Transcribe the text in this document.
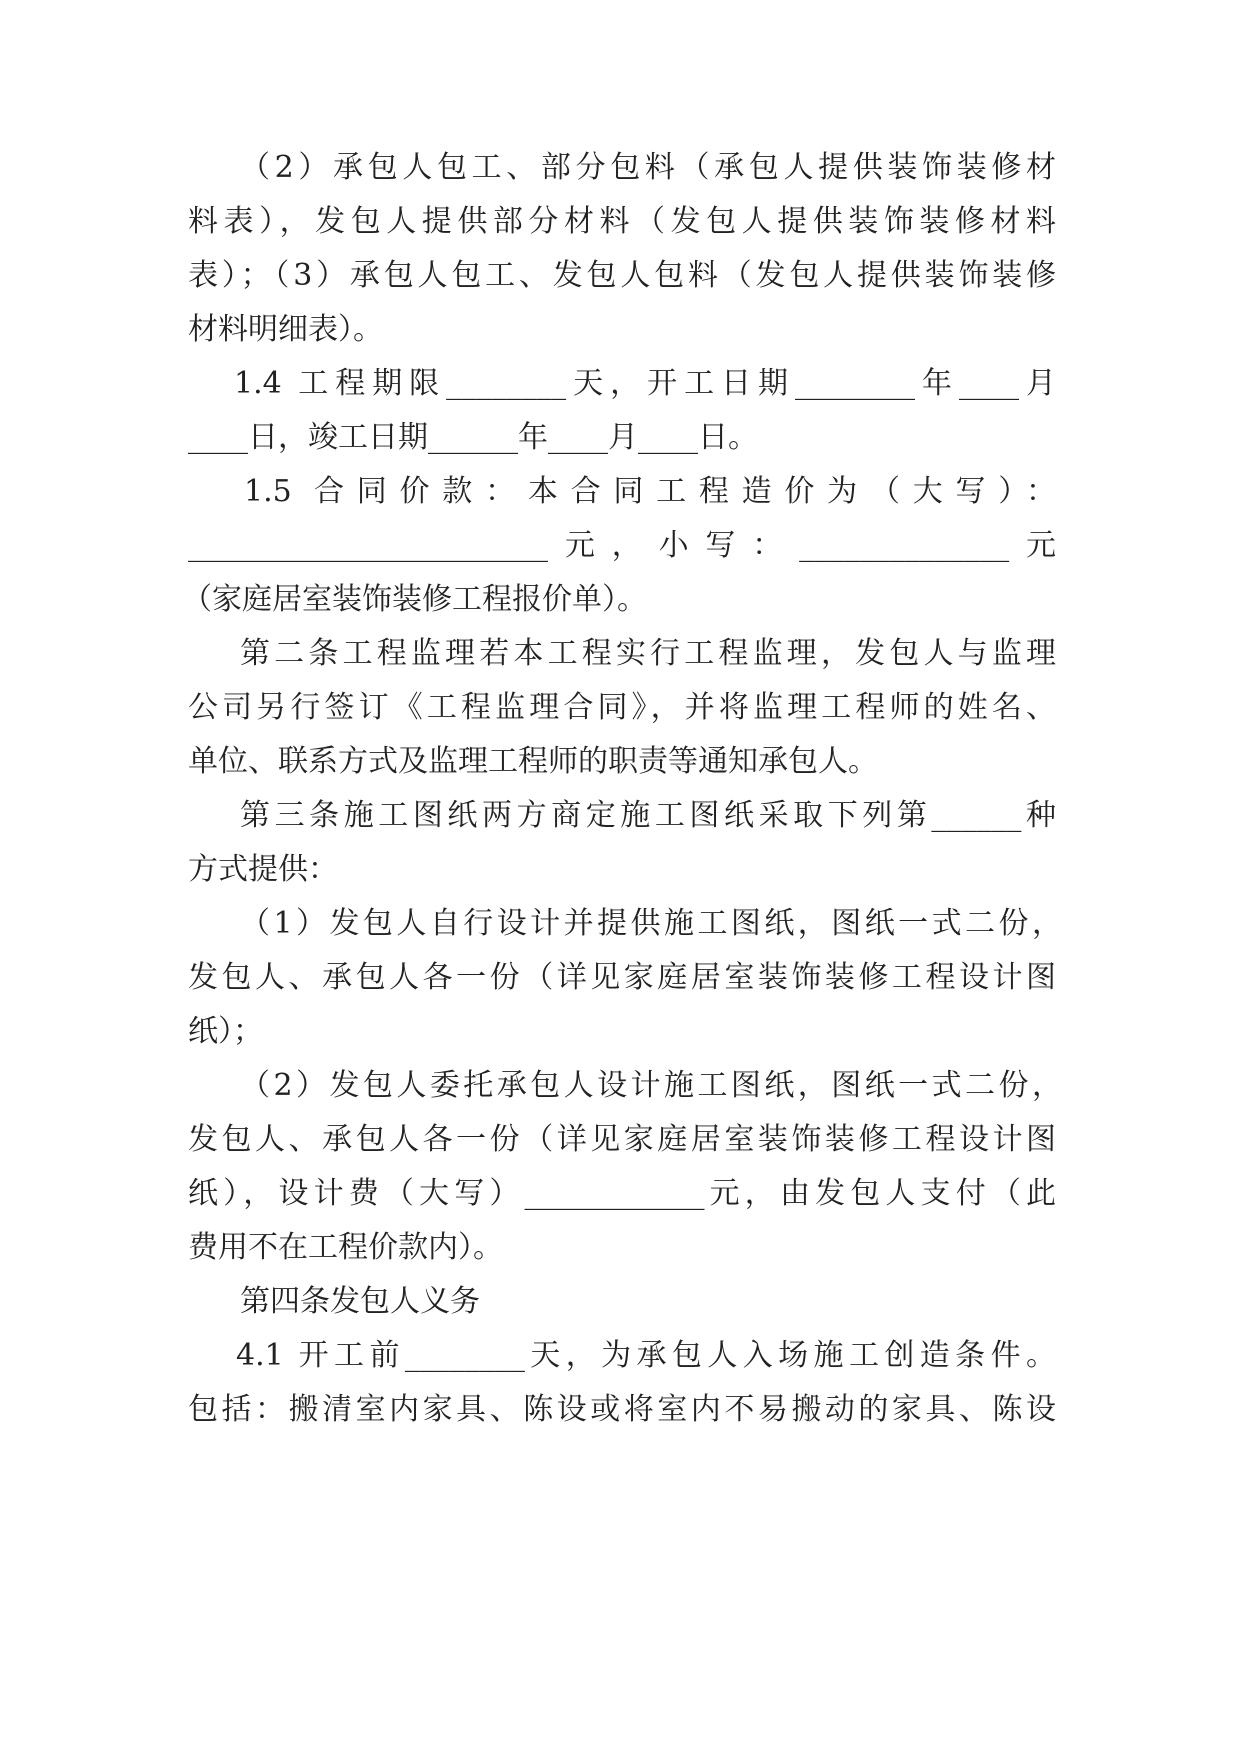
（2）承包人包工、部分包料（承包人提供装饰装修材
料表），发包人提供部分材料（发包人提供装饰装修材料
表）；（3）承包人包工、发包人包料（发包人提供装饰装修
材料明细表）。
1.4 工程期限________天，开工日期________年____月
____日，竣工日期______年____月____日。
1.5 合同价款：本合同工程造价为（大写）：
________________________元，小写：______________元
（家庭居室装饰装修工程报价单）。
第二条工程监理若本工程实行工程监理，发包人与监理
公司另行签订《工程监理合同》，并将监理工程师的姓名、
单位、联系方式及监理工程师的职责等通知承包人。
第三条施工图纸两方商定施工图纸采取下列第______种
方式提供：
（1）发包人自行设计并提供施工图纸，图纸一式二份，
发包人、承包人各一份（详见家庭居室装饰装修工程设计图
纸）；
（2）发包人委托承包人设计施工图纸，图纸一式二份，
发包人、承包人各一份（详见家庭居室装饰装修工程设计图
纸），设计费（大写）____________元，由发包人支付（此
费用不在工程价款内）。
第四条发包人义务
4.1 开工前________天，为承包人入场施工创造条件。
包括：搬清室内家具、陈设或将室内不易搬动的家具、陈设
